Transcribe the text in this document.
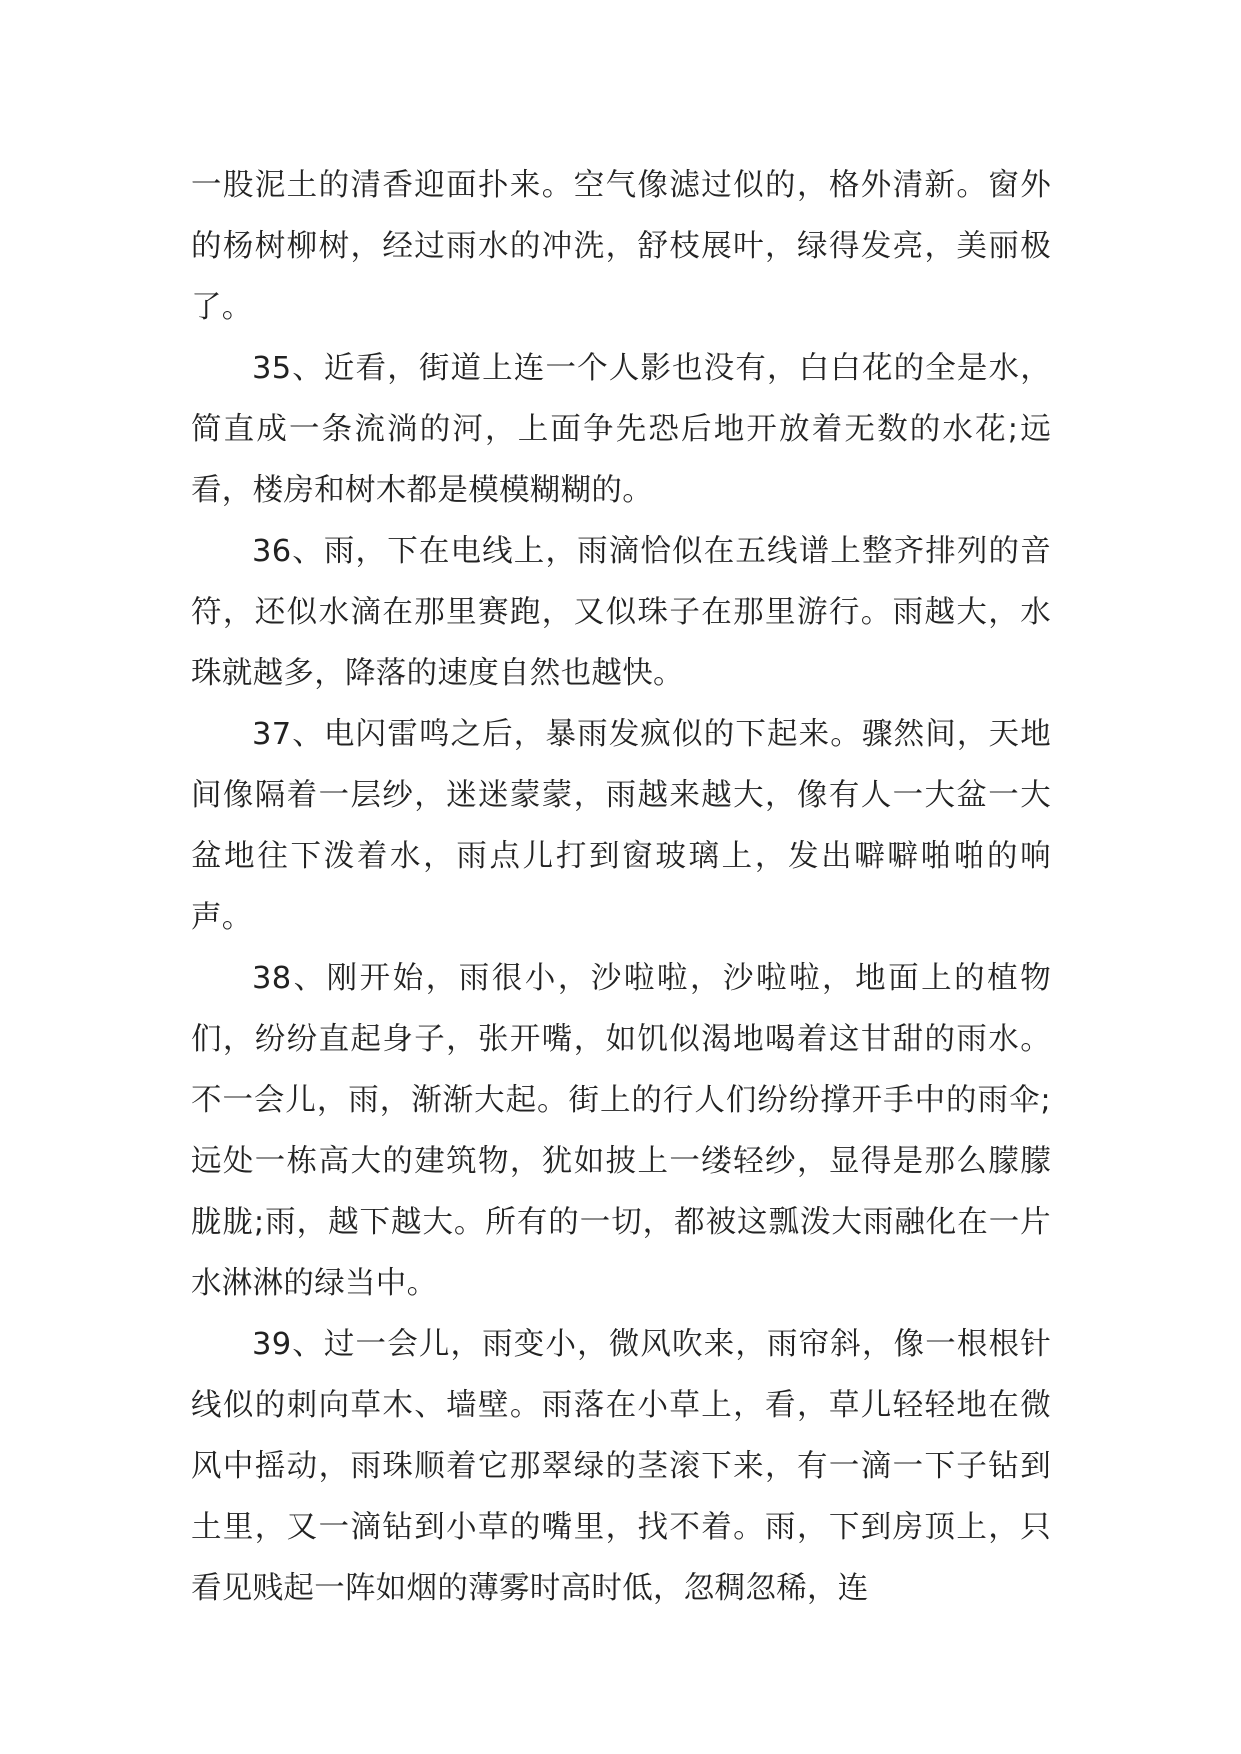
一股泥土的清香迎面扑来。空气像滤过似的，格外清新。窗外的杨树柳树，经过雨水的冲洗，舒枝展叶，绿得发亮，美丽极了。

35、近看，街道上连一个人影也没有，白白花的全是水，简直成一条流淌的河，上面争先恐后地开放着无数的水花;远看，楼房和树木都是模模糊糊的。

36、雨，下在电线上，雨滴恰似在五线谱上整齐排列的音符，还似水滴在那里赛跑，又似珠子在那里游行。雨越大，水珠就越多，降落的速度自然也越快。

37、电闪雷鸣之后，暴雨发疯似的下起来。骤然间，天地间像隔着一层纱，迷迷蒙蒙，雨越来越大，像有人一大盆一大盆地往下泼着水，雨点儿打到窗玻璃上，发出噼噼啪啪的响声。

38、刚开始，雨很小，沙啦啦，沙啦啦，地面上的植物们，纷纷直起身子，张开嘴，如饥似渴地喝着这甘甜的雨水。不一会儿，雨，渐渐大起。街上的行人们纷纷撑开手中的雨伞;远处一栋高大的建筑物，犹如披上一缕轻纱，显得是那么朦朦胧胧;雨，越下越大。所有的一切，都被这瓢泼大雨融化在一片水淋淋的绿当中。

39、过一会儿，雨变小，微风吹来，雨帘斜，像一根根针线似的刺向草木、墙壁。雨落在小草上，看，草儿轻轻地在微风中摇动，雨珠顺着它那翠绿的茎滚下来，有一滴一下子钻到土里，又一滴钻到小草的嘴里，找不着。雨，下到房顶上，只看见贱起一阵如烟的薄雾时高时低，忽稠忽稀，连
